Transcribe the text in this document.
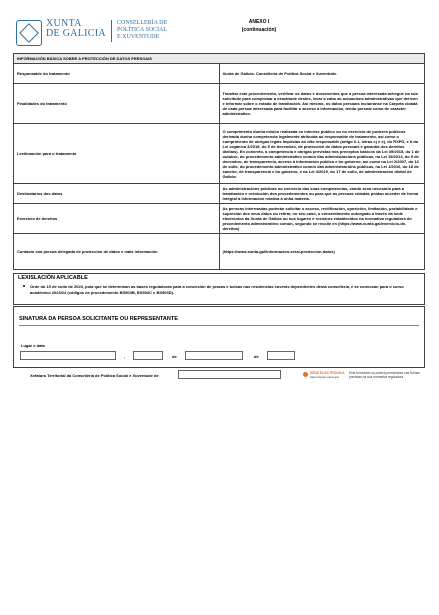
XUNTA
DE GALICIA
CONSELLERÍA DE
POLÍTICA SOCIAL
E XUVENTUDE
ANEXO I
(continuación)
INFORMACIÓN BÁSICA SOBRE A PROTECCIÓN DE DATOS PERSOAIS	
Responsable do tratamento	Xunta de Galicia. Consellería de Política Social e Xuventude.
Finalidades do tratamento	Tramitar este procedemento, verificar os datos e documentos que a persoa interesada achegue na súa solicitude para comprobar a exactitude destes, levar a cabo as actuacións administrativas que deriven e informar sobre o estado de tramitación. Así mesmo, os datos persoais incluíranse na Carpeta cidadá de cada persoa interesada para facilitar o acceso á información, tendo persoal como de carácter administrativo.
Lexitimación para o tratamento	O cumprimento dunha misión realizada en interese público ou no exercicio de poderes públicos derivada dunha competencia legalmente atribuída ao responsable do tratamento, así como o cumprimento de obrigas legais impostas ao dito responsable (artigo 6.1, letras c) e e), do RXPD, e 8 da Lei orgánica 3/2018, do 5 de decembro, de protección de datos persoais e garantía dos dereitos dixitais). En concreto, a competencia e obrigas previstas nos preceptos básicos da Lei 39/2015, do 1 de outubro, do procedemento administrativo común das administracións públicas, na Lei 19/2013, do 9 de decembro, de transparencia, acceso á información pública e bo goberno, así como na Lei 2/2007, do 13 de xullo, do procedemento administrativo común das administracións públicas, na Lei 1/2016, do 18 de xaneiro, de transparencia e bo goberno, e na Lei 4/2019, do 17 de xullo, de administración dixital de Galicia.
Destinatarios dos datos	As administracións públicas no exercicio das súas competencias, cando sexa necesario para a tramitación e resolución dos procedementos ou para que as persoas cidadás poidan acceder de forma integral á información relativa a unha materia.
Exercicio de dereitos	As persoas interesadas poderán solicitar o acceso, rectificación, oposición, limitación, portabilidade e supresión dos seus datos ou retirar, no seu caso, o consentimento outorgado a través da sede electrónica da Xunta de Galicia ou nos lugares e rexistros establecidos na normativa reguladora do procedemento administrativo común, segundo se recolle en (https://www.xunta.gal/exercicio-de-dereitos)
Contacto coa persoa delegada de protección de datos e máis información	(https://www.xunta.gal/informacion-xeral-proteccion-datos)
LEXISLACIÓN APLICABLE
Orde do 19 de xullo de 2023, pola que se determinan as bases reguladoras para a concesión de prazas e bolsas nas residencias xuvenís dependentes desta consellería, e se convocan para o curso académico 2023/24 (códigos de procedemento BS503B, BS503C e BS503D).
SINATURA DA PERSOA SOLICITANTE OU REPRESENTANTE
Lugar e data
,	de	de
Xefatura Territorial da Consellería de Política Social e Xuventude de	SEDE ELECTRÓNICA
https://sede.xunta.gal
Este formulario só poderá presentarse nas formas previstas na súa normativa reguladora
